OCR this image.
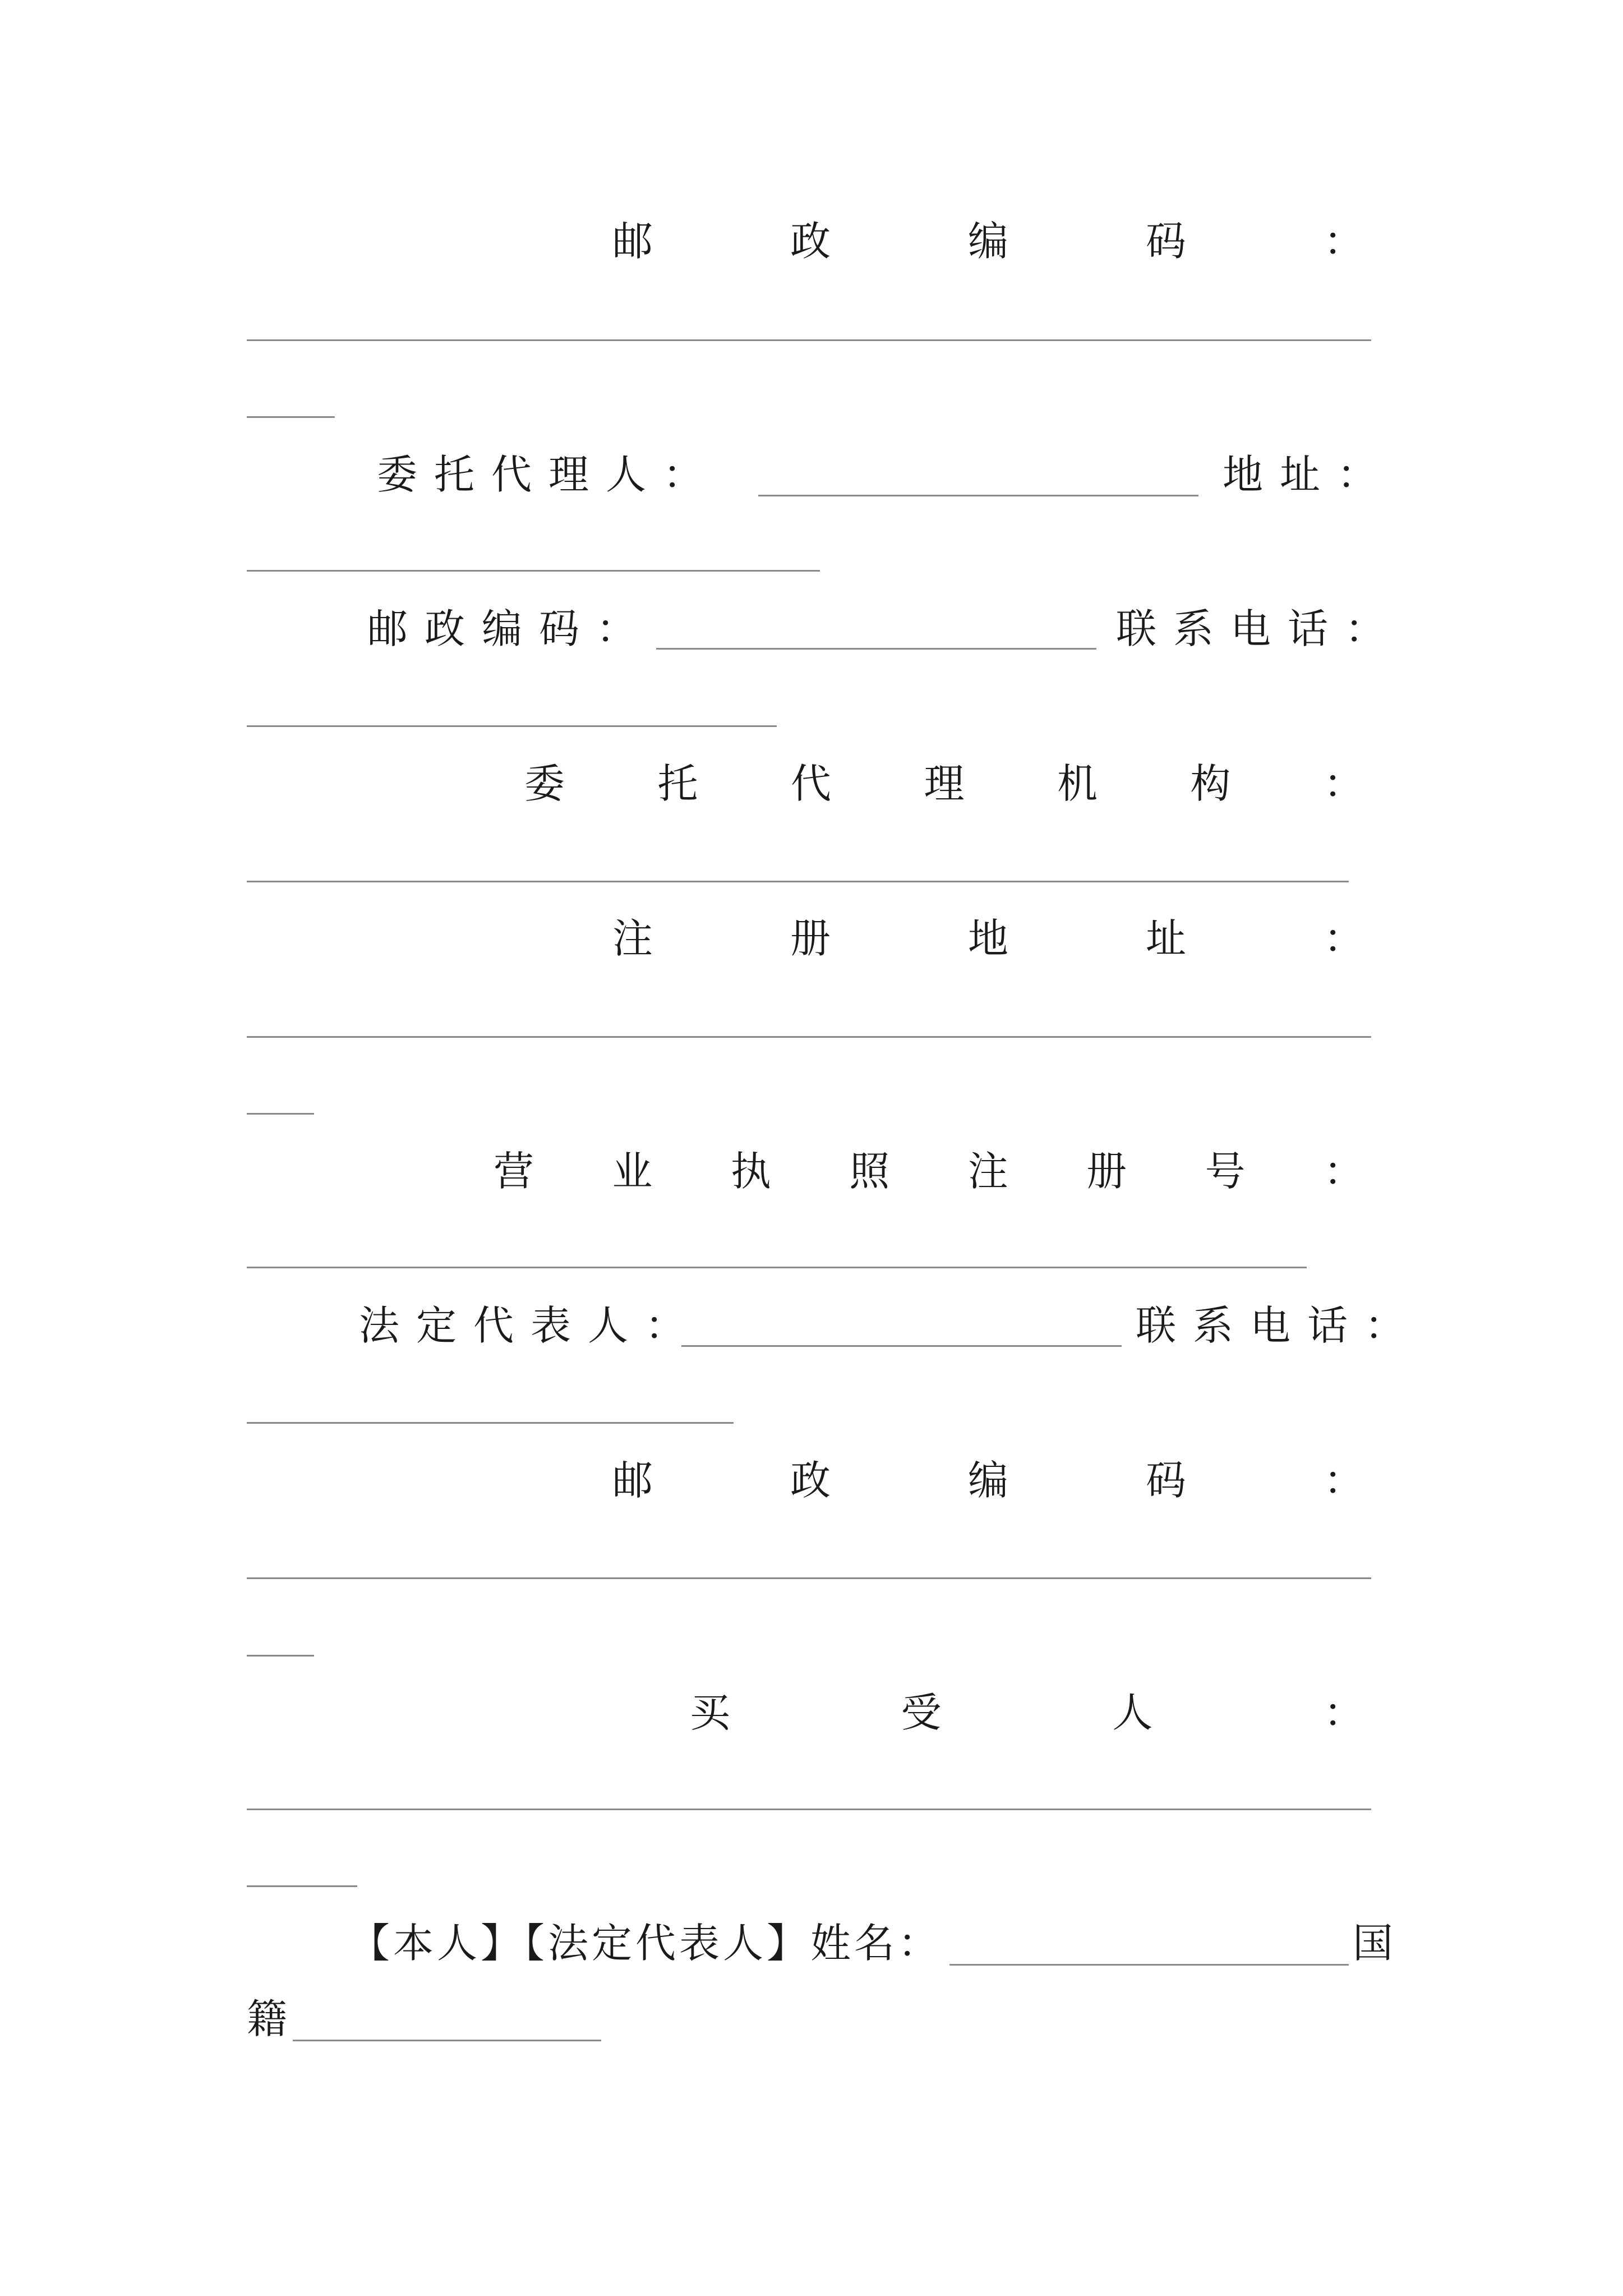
邮	政	编	码	：
委托代理人：	地址：
邮政编码：	联系电话：
委 托 代 理 机 构 ：
注	册	地	址	：
营 业 执 照 注 册 号 ：
法定代表人：	联系电话：
邮	政	编	码	：
买	受	人	：
【本人】【法定代表人】姓名：	国
籍
